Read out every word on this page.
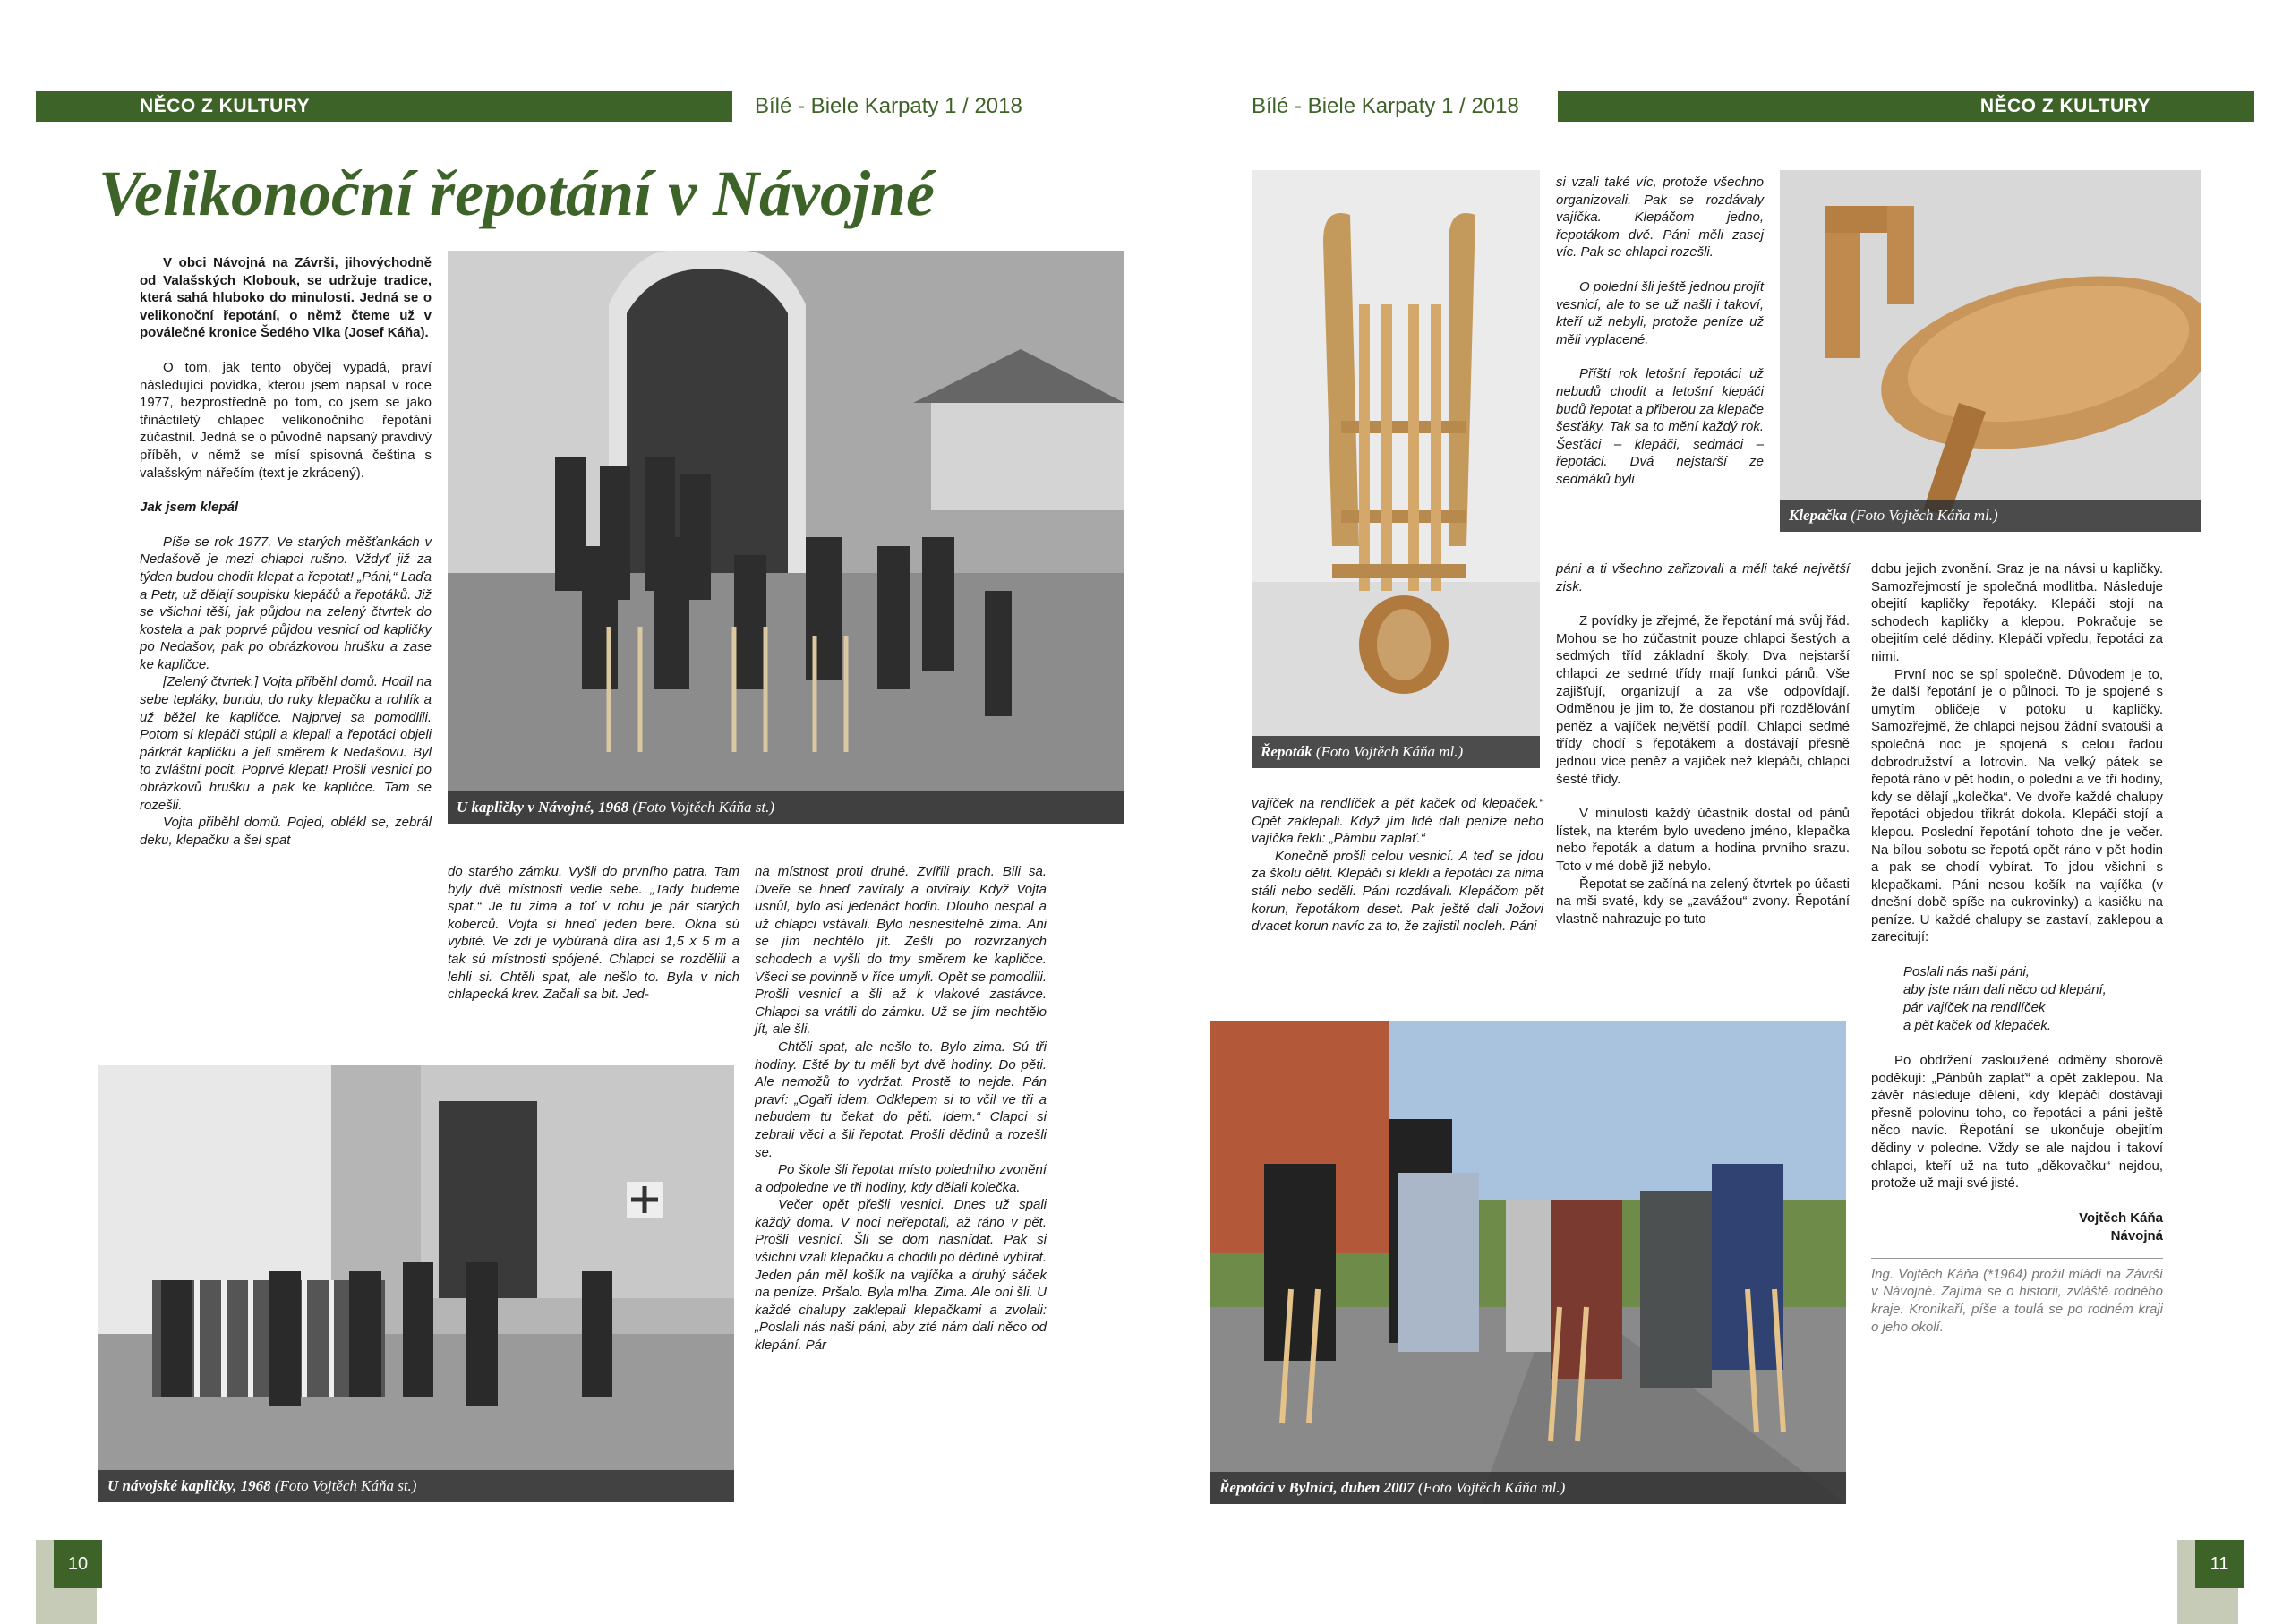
NĚCO Z KULTURY	Bílé - Biele Karpaty 1 / 2018	Bílé - Biele Karpaty 1 / 2018	NĚCO Z KULTURY
Velikonoční řepotání v Návojné

V obci Návojná na Závrši, jihovýchodně od Valašských Klobouk, se udržuje tradice, která sahá hluboko do minulosti. Jedná se o velikonoční řepotání, o němž čteme už v poválečné kronice Šedého Vlka (Josef Káňa).

O tom, jak tento obyčej vypadá, praví následující povídka, kterou jsem napsal v roce 1977, bezprostředně po tom, co jsem se jako třináctiletý chlapec velikonočního řepotání zúčastnil. Jedná se o původně napsaný pravdivý příběh, v němž se mísí spisovná čeština s valašským nářečím (text je zkrácený).

Jak jsem klepál

Píše se rok 1977. Ve starých měšťankách v Nedašově je mezi chlapci rušno. Vždyť již za týden budou chodit klepat a řepotat! „Páni,“ Laďa a Petr, už dělají soupisku klepáčů a řepotáků. Již se všichni těší, jak půjdou na zelený čtvrtek do kostela a pak poprvé půjdou vesnicí od kapličky po Nedašov, pak po obrázkovou hrušku a zase ke kapličce.

[Zelený čtvrtek.] Vojta přiběhl domů. Hodil na sebe tepláky, bundu, do ruky klepačku a rohlík a už běžel ke kapličce. Najprvej sa pomodlili. Potom si klepáči stúpli a klepali a řepotáci objeli párkrát kapličku a jeli směrem k Nedašovu. Byl to zvláštní pocit. Poprvé klepat! Prošli vesnicí po obrázkovů hrušku a pak ke kapličce. Tam se rozešli.

Vojta přiběhl domů. Pojed, oblékl se, zebrál deku, klepačku a šel spat

U kapličky v Návojné, 1968 (Foto Vojtěch Káňa st.)

do starého zámku. Vyšli do prvního patra. Tam byly dvě místnosti vedle sebe. „Tady budeme spat.“ Je tu zima a toť v rohu je pár starých koberců. Vojta si hneď jeden bere. Okna sú vybité. Ve zdi je vybúraná díra asi 1,5 x 5 m a tak sú místnosti spójené. Chlapci se rozdělili a lehli si. Chtěli spat, ale nešlo to. Byla v nich chlapecká krev. Začali sa bit. Jed-

na místnost proti druhé. Zvířili prach. Bili sa. Dveře se hneď zavíraly a otvíraly. Když Vojta usnůl, bylo asi jedenáct hodin. Dlouho nespal a už chlapci vstávali. Bylo nesnesitelně zima. Ani se jím nechtělo jít. Zešli po rozvrzaných schodech a vyšli do tmy směrem ke kapličce. Všeci se povinně v říce umyli. Opět se pomodlili. Prošli vesnicí a šli až k vlakové zastávce. Chlapci sa vrátili do zámku. Už se jím nechtělo jít, ale šli.

Chtěli spat, ale nešlo to. Bylo zima. Sú tři hodiny. Eště by tu měli byt dvě hodiny. Do pěti. Ale nemožů to vydržat. Prostě to nejde. Pán praví: „Ogaři idem. Odklepem si to včil ve tři a nebudem tu čekat do pěti. Idem.“ Clapci si zebrali věci a šli řepotat. Prošli dědinů a rozešli se.

Po škole šli řepotat místo poledního zvonění a odpoledne ve tři hodiny, kdy dělali kolečka.

Večer opět přešli vesnici. Dnes už spali každý doma. V noci neřepotali, až ráno v pět. Prošli vesnicí. Šli se dom nasnídat. Pak si všichni vzali klepačku a chodili po dědině vybírat. Jeden pán měl košík na vajíčka a druhý sáček na peníze. Pršalo. Byla mlha. Zima. Ale oni šli. U každé chalupy zaklepali klepačkami a zvolali: „Poslali nás naši páni, aby zté nám dali něco od klepání. Pár

U návojské kapličky, 1968 (Foto Vojtěch Káňa st.)
10
Řepoták (Foto Vojtěch Káňa ml.)

si vzali také víc, protože všechno organizovali. Pak se rozdávaly vajíčka. Klepáčom jedno, řepotákom dvě. Páni měli zasej víc. Pak se chlapci rozešli.

O polední šli ještě jednou projít vesnicí, ale to se už našli i takoví, kteří už nebyli, protože peníze už měli vyplacené.

Příští rok letošní řepotáci už nebudů chodit a letošní klepáči budů řepotat a přiberou za klepače šesťáky. Tak sa to mění každý rok. Šesťáci – klepáči, sedmáci – řepotáci. Dvá nejstarší ze sedmáků byli

Klepačka (Foto Vojtěch Káňa ml.)

páni a ti všechno zařizovali a měli také největší zisk.

Z povídky je zřejmé, že řepotání má svůj řád. Mohou se ho zúčastnit pouze chlapci šestých a sedmých tříd základní školy. Dva nejstarší chlapci ze sedmé třídy mají funkci pánů. Vše zajišťují, organizují a za vše odpovídají. Odměnou je jim to, že dostanou při rozdělování peněz a vajíček největší podíl. Chlapci sedmé třídy chodí s řepotákem a dostávají přesně jednou více peněz a vajíček než klepáči, chlapci šesté třídy.

V minulosti každý účastník dostal od pánů lístek, na kterém bylo uvedeno jméno, klepačka nebo řepoták a datum a hodina prvního srazu. Toto v mé době již nebylo.

Řepotat se začíná na zelený čtvrtek po účasti na mši svaté, kdy se „zavážou“ zvony. Řepotání vlastně nahrazuje po tuto

vajíček na rendlíček a pět kaček od klepaček.“ Opět zaklepali. Když jím lidé dali peníze nebo vajíčka řekli: „Pámbu zaplať.“

Konečně prošli celou vesnicí. A teď se jdou za školu dělit. Klepáči si klekli a řepotáci za nima stáli nebo seděli. Páni rozdávali. Klepáčom pět korun, řepotákom deset. Pak ještě dali Jožovi dvacet korun navíc za to, že zajistil nocleh. Páni

dobu jejich zvonění. Sraz je na návsi u kapličky. Samozřejmostí je společná modlitba. Následuje obejití kapličky řepotáky. Klepáči stojí na schodech kapličky a klepou. Pokračuje se obejitím celé dědiny. Klepáči vpředu, řepotáci za nimi.

První noc se spí společně. Důvodem je to, že další řepotání je o půlnoci. To je spojené s umytím obličeje v potoku u kapličky. Samozřejmě, že chlapci nejsou žádní svatouši a společná noc je spojená s celou řadou dobrodružství a lotrovin. Na velký pátek se řepotá ráno v pět hodin, o poledni a ve tři hodiny, kdy se dělají „kolečka“. Ve dvoře každé chalupy řepotáci objedou třikrát dokola. Klepáči stojí a klepou. Poslední řepotání tohoto dne je večer. Na bílou sobotu se řepotá opět ráno v pět hodin a pak se chodí vybírat. To jdou všichni s klepačkami. Páni nesou košík na vajíčka (v dnešní době spíše na cukrovinky) a kasičku na peníze. U každé chalupy se zastaví, zaklepou a zarecitují:

Poslali nás naši páni,
aby jste nám dali něco od klepání,
pár vajíček na rendlíček
a pět kaček od klepaček.

Po obdržení zasloužené odměny sborově poděkují: „Pánbůh zaplať“ a opět zaklepou. Na závěr následuje dělení, kdy klepáči dostávají přesně polovinu toho, co řepotáci a páni ještě něco navíc. Řepotání se ukončuje obejitím dědiny v poledne. Vždy se ale najdou i takoví chlapci, kteří už na tuto „děkovačku“ nejdou, protože už mají své jisté.

Vojtěch Káňa
Návojná
Ing. Vojtěch Káňa (*1964) prožil mládí na Závrší v Návojné. Zajímá se o historii, zvláště rodného kraje. Kronikaří, píše a toulá se po rodném kraji o jeho okolí.
Řepotáci v Bylnici, duben 2007 (Foto Vojtěch Káňa ml.)
11
